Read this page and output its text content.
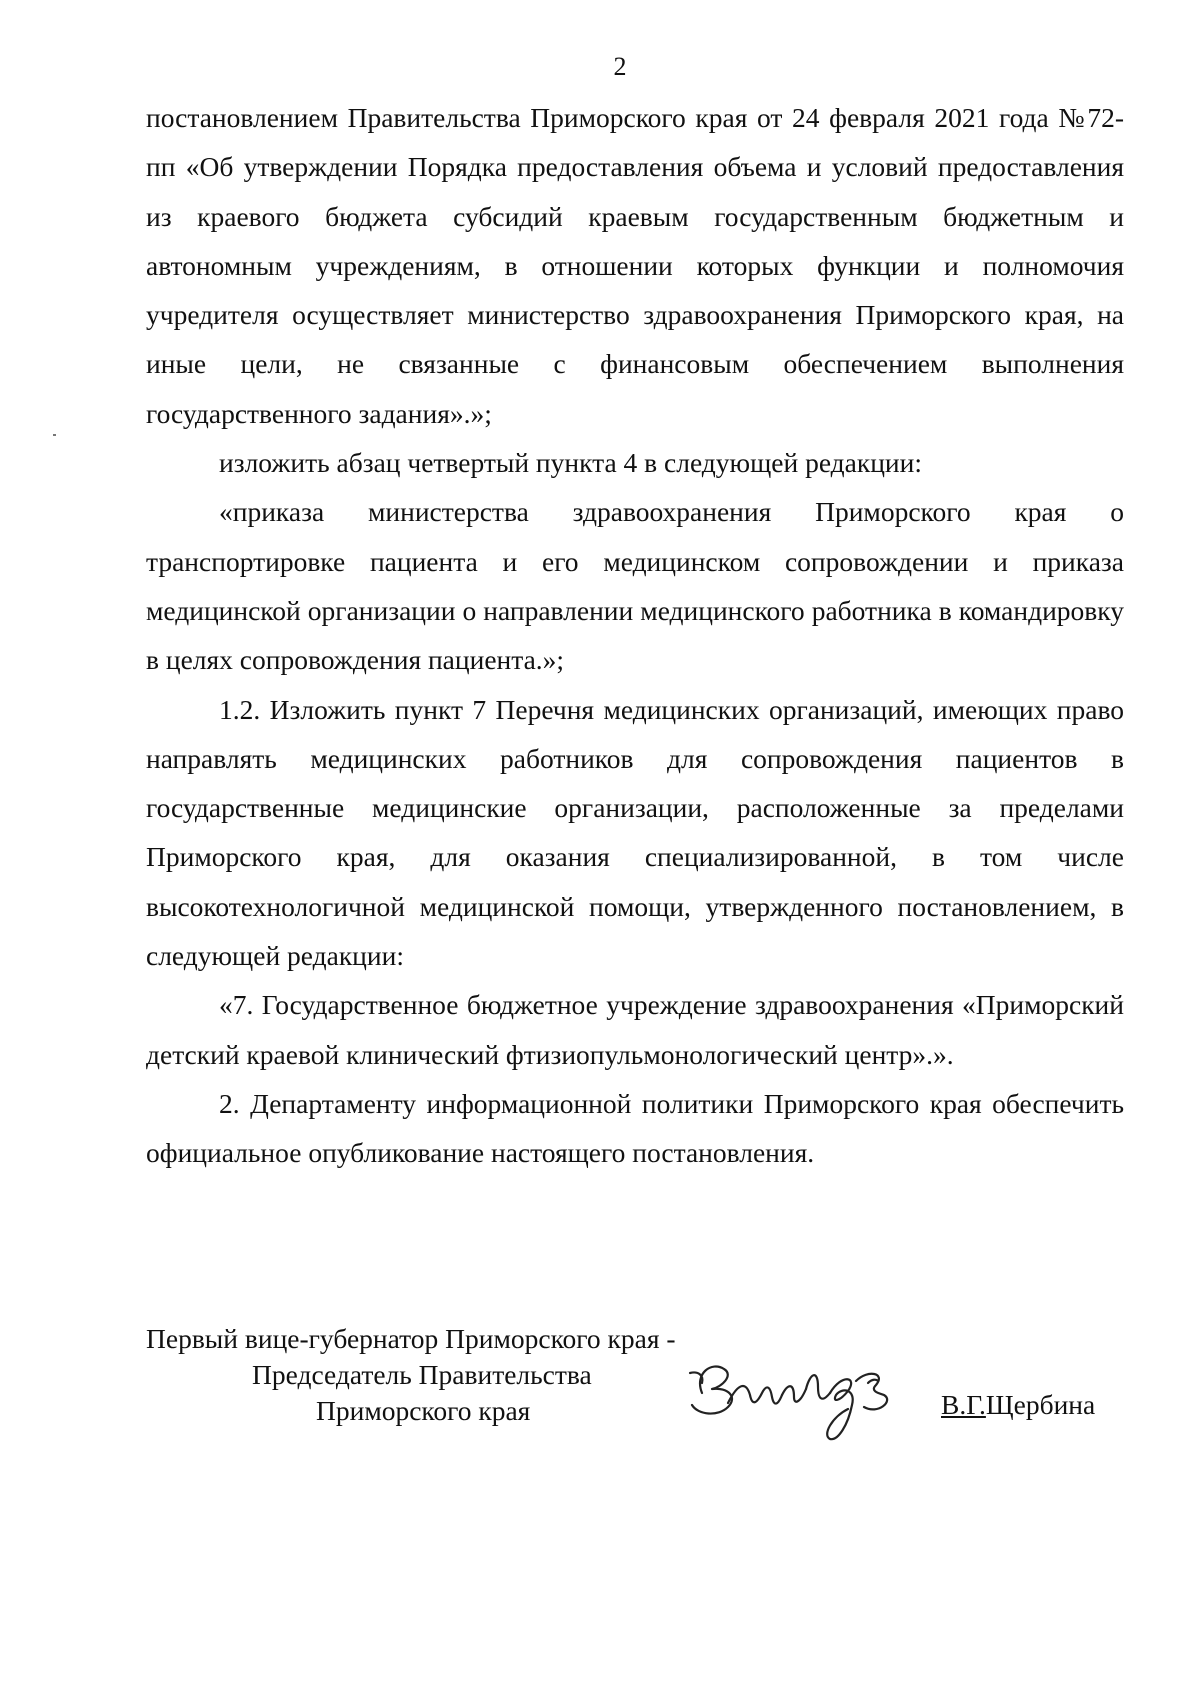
2

постановлением Правительства Приморского края от 24 февраля 2021 года №72-пп «Об утверждении Порядка предоставления объема и условий предоставления из краевого бюджета субсидий краевым государственным бюджетным и автономным учреждениям, в отношении которых функции и полномочия учредителя осуществляет министерство здравоохранения Приморского края, на иные цели, не связанные с финансовым обеспечением выполнения государственного задания».»;

изложить абзац четвертый пункта 4 в следующей редакции:

«приказа министерства здравоохранения Приморского края о транспортировке пациента и его медицинском сопровождении и приказа медицинской организации о направлении медицинского работника в командировку в целях сопровождения пациента.»;

1.2. Изложить пункт 7 Перечня медицинских организаций, имеющих право направлять медицинских работников для сопровождения пациентов в государственные медицинские организации, расположенные за пределами Приморского края, для оказания специализированной, в том числе высокотехнологичной медицинской помощи, утвержденного постановлением, в следующей редакции:

«7. Государственное бюджетное учреждение здравоохранения «Приморский детский краевой клинический фтизиопульмонологический центр».».

2. Департаменту информационной политики Приморского края обеспечить официальное опубликование настоящего постановления.

Первый вице-губернатор Приморского края -
Председатель Правительства
Приморского края	В.Г.Щербина
